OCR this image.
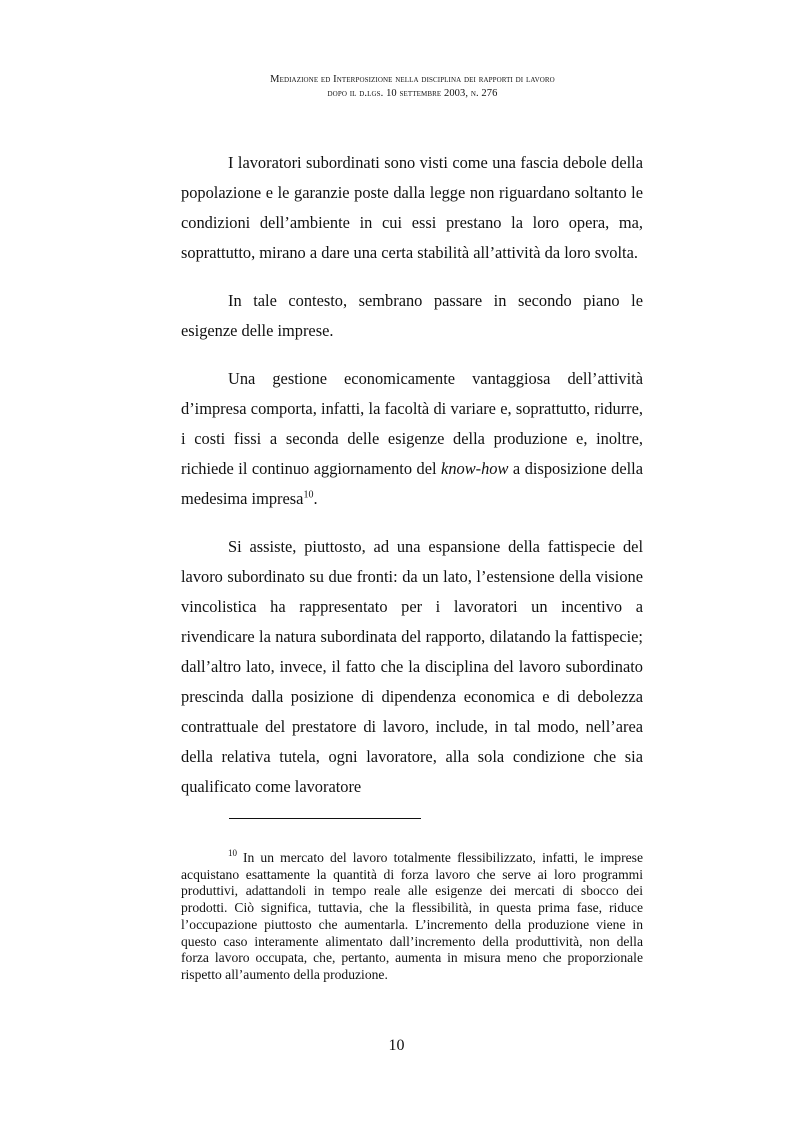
Mediazione ed Interposizione nella disciplina dei rapporti di lavoro
dopo il d.lgs. 10 settembre 2003, n. 276

I lavoratori subordinati sono visti come una fascia debole della popolazione e le garanzie poste dalla legge non riguardano soltanto le condizioni dell’ambiente in cui essi prestano la loro opera, ma, soprattutto, mirano a dare una certa stabilità all’attività da loro svolta.

In tale contesto, sembrano passare in secondo piano le esigenze delle imprese.

Una gestione economicamente vantaggiosa dell’attività d’impresa comporta, infatti, la facoltà di variare e, soprattutto, ridurre, i costi fissi a seconda delle esigenze della produzione e, inoltre, richiede il continuo aggiornamento del know-how a disposizione della medesima impresa$^{10}$.

Si assiste, piuttosto, ad una espansione della fattispecie del lavoro subordinato su due fronti: da un lato, l’estensione della visione vincolistica ha rappresentato per i lavoratori un incentivo a rivendicare la natura subordinata del rapporto, dilatando la fattispecie; dall’altro lato, invece, il fatto che la disciplina del lavoro subordinato prescinda dalla posizione di dipendenza economica e di debolezza contrattuale del prestatore di lavoro, include, in tal modo, nell’area della relativa tutela, ogni lavoratore, alla sola condizione che sia qualificato come lavoratore

$^{10}$ In un mercato del lavoro totalmente flessibilizzato, infatti, le imprese acquistano esattamente la quantità di forza lavoro che serve ai loro programmi produttivi, adattandoli in tempo reale alle esigenze dei mercati di sbocco dei prodotti. Ciò significa, tuttavia, che la flessibilità, in questa prima fase, riduce l’occupazione piuttosto che aumentarla. L’incremento della produzione viene in questo caso interamente alimentato dall’incremento della produttività, non della forza lavoro occupata, che, pertanto, aumenta in misura meno che proporzionale rispetto all’aumento della produzione.

10
